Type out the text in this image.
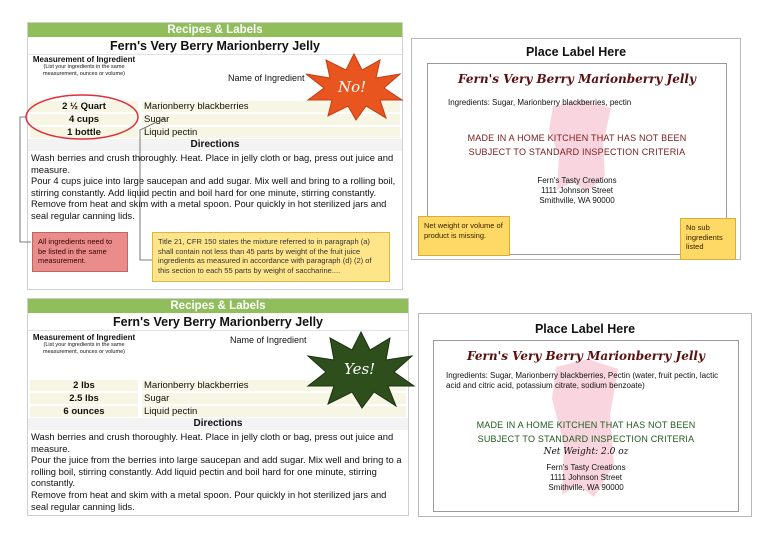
Recipes & Labels
Fern's Very Berry Marionberry Jelly
Measurement of Ingredient
(List your ingredients in the same measurement, ounces or volume)	Name of Ingredient
2 ½ Quart	Marionberry blackberries
4 cups	Sugar
1 bottle	Liquid pectin
Directions

Wash berries and crush thoroughly. Heat. Place in jelly cloth or bag, press out juice and measure.

Pour 4 cups juice into large saucepan and add sugar. Mix well and bring to a rolling boil, stirring constantly. Add liquid pectin and boil hard for one minute, stirring constantly.

Remove from heat and skim with a metal spoon. Pour quickly in hot sterilized jars and seal regular canning lids.

No!
All ingredients need to be listed in the same measurement.
Title 21, CFR 150 states the mixture referred to in paragraph (a) shall contain not less than 45 parts by weight of the fruit juice ingredients as measured in accordance with paragraph (d) (2) of this section to each 55 parts by weight of saccharine....
Place Label Here
Fern's Very Berry Marionberry Jelly
Ingredients: Sugar, Marionberry blackberries, pectin
MADE IN A HOME KITCHEN THAT HAS NOT BEEN
SUBJECT TO STANDARD INSPECTION CRITERIA
Fern's Tasty Creations
1111 Johnson Street
Smithville, WA 90000
Net weight or volume of product is missing.
No sub ingredients listed
Recipes & Labels
Fern's Very Berry Marionberry Jelly
Measurement of Ingredient
(List your ingredients in the same measurement, ounces or volume)
Name of Ingredient
2 lbs	Marionberry blackberries
2.5 lbs	Sugar
6 ounces	Liquid pectin
Directions

Wash berries and crush thoroughly. Heat. Place in jelly cloth or bag, press out juice and measure.

Pour the juice from the berries into large saucepan and add sugar. Mix well and bring to a rolling boil, stirring constantly. Add liquid pectin and boil hard for one minute, stirring constantly.

Remove from heat and skim with a metal spoon. Pour quickly in hot sterilized jars and seal regular canning lids.

Yes!
Place Label Here
Fern's Very Berry Marionberry Jelly
Ingredients: Sugar, Marionberry blackberries, Pectin (water, fruit pectin, lactic acid and citric acid, potassium citrate, sodium benzoate)
MADE IN A HOME KITCHEN THAT HAS NOT BEEN
SUBJECT TO STANDARD INSPECTION CRITERIA
Net Weight: 2.0 oz
Fern's Tasty Creations
1111 Johnson Street
Smithville, WA 90000
